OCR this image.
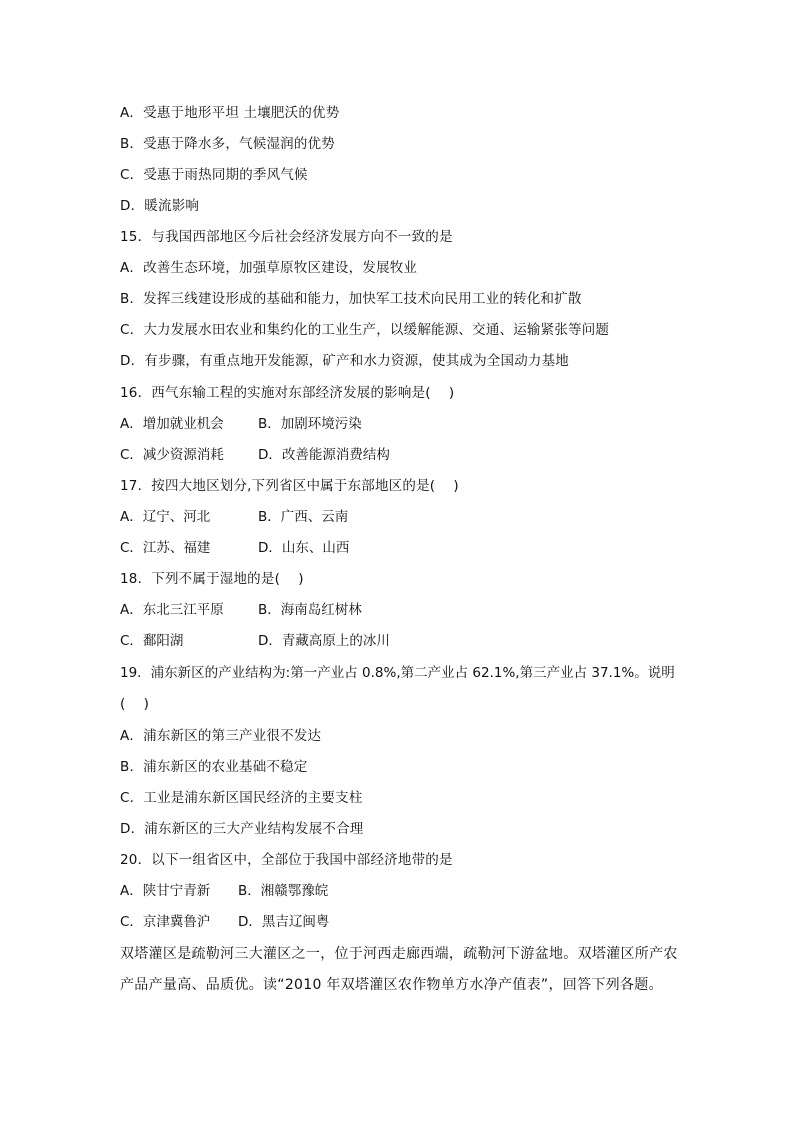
A．受惠于地形平坦 土壤肥沃的优势
B．受惠于降水多，气候湿润的优势
C．受惠于雨热同期的季风气候
D．暖流影响
15．与我国西部地区今后社会经济发展方向不一致的是
A．改善生态环境，加强草原牧区建设，发展牧业
B．发挥三线建设形成的基础和能力，加快军工技术向民用工业的转化和扩散
C．大力发展水田农业和集约化的工业生产，以缓解能源、交通、运输紧张等问题
D．有步骤，有重点地开发能源，矿产和水力资源，使其成为全国动力基地
16．西气东输工程的实施对东部经济发展的影响是(　 )
A．增加就业机会	B．加剧环境污染
C．减少资源消耗	D．改善能源消费结构
17．按四大地区划分,下列省区中属于东部地区的是(　 )
A．辽宁、河北	B．广西、云南
C．江苏、福建	D．山东、山西
18．下列不属于湿地的是(　 )
A．东北三江平原	B．海南岛红树林
C．鄱阳湖	D．青藏高原上的冰川
19．浦东新区的产业结构为:第一产业占 0.8%,第二产业占 62.1%,第三产业占 37.1%。说明
(　 )
A．浦东新区的第三产业很不发达
B．浦东新区的农业基础不稳定
C．工业是浦东新区国民经济的主要支柱
D．浦东新区的三大产业结构发展不合理
20．以下一组省区中，全部位于我国中部经济地带的是
A．陕甘宁青新 B．湘赣鄂豫皖
C．京津冀鲁沪 D．黑吉辽闽粤
双塔灌区是疏勒河三大灌区之一，位于河西走廊西端，疏勒河下游盆地。双塔灌区所产农产品产量高、品质优。读“2010 年双塔灌区农作物单方水净产值表”，回答下列各题。
